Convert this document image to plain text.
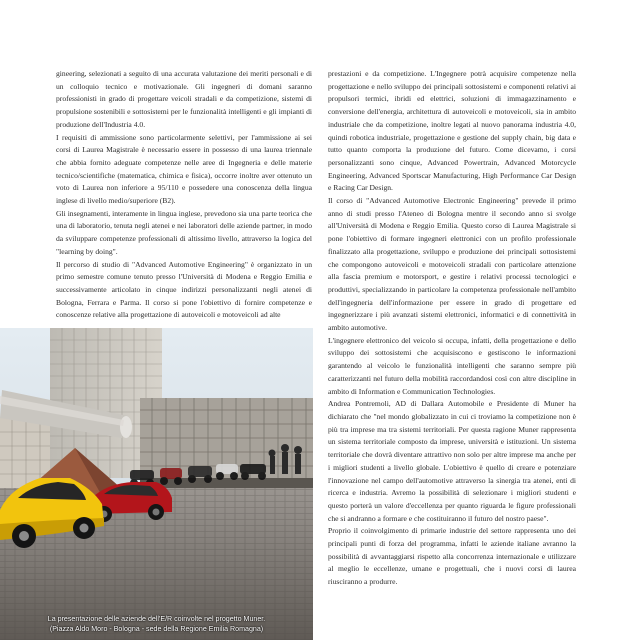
gineering, selezionati a seguito di una accurata valutazione dei meriti personali e di un colloquio tecnico e motivazionale. Gli ingegneri di domani saranno professionisti in grado di progettare veicoli stradali e da competizione, sistemi di propulsione sostenibili e sottosistemi per le funzionalità intelligenti e gli impianti di produzione dell'Industria 4.0.

I requisiti di ammissione sono particolarmente selettivi, per l'ammissione ai sei corsi di Laurea Magistrale è necessario essere in possesso di una laurea triennale che abbia fornito adeguate competenze nelle aree di Ingegneria e delle materie tecnico/scientifiche (matematica, chimica e fisica), occorre inoltre aver ottenuto un voto di Laurea non inferiore a 95/110 e possedere una conoscenza della lingua inglese di livello medio/superiore (B2).

Gli insegnamenti, interamente in lingua inglese, prevedono sia una parte teorica che una di laboratorio, tenuta negli atenei e nei laboratori delle aziende partner, in modo da sviluppare competenze professionali di altissimo livello, attraverso la logica del "learning by doing".

Il percorso di studio di "Advanced Automotive Engineering" è organizzato in un primo semestre comune tenuto presso l'Università di Modena e Reggio Emilia e successivamente articolato in cinque indirizzi personalizzanti negli atenei di Bologna, Ferrara e Parma. Il corso si pone l'obiettivo di fornire competenze e conoscenze relative alla progettazione di autoveicoli e motoveicoli ad alte

prestazioni e da competizione. L'Ingegnere potrà acquisire competenze nella progettazione e nello sviluppo dei principali sottosistemi e componenti relativi ai propulsori termici, ibridi ed elettrici, soluzioni di immagazzinamento e conversione dell'energia, architettura di autoveicoli e motoveicoli, sia in ambito industriale che da competizione, inoltre legati al nuovo panorama industria 4.0, quindi robotica industriale, progettazione e gestione del supply chain, big data e tutto quanto comporta la produzione del futuro. Come dicevamo, i corsi personalizzanti sono cinque, Advanced Powertrain, Advanced Motorcycle Engineering, Advanced Sportscar Manufacturing, High Performance Car Design e Racing Car Design.

Il corso di "Advanced Automotive Electronic Engineering" prevede il primo anno di studi presso l'Ateneo di Bologna mentre il secondo anno si svolge all'Università di Modena e Reggio Emilia. Questo corso di Laurea Magistrale si pone l'obiettivo di formare ingegneri elettronici con un profilo professionale finalizzato alla progettazione, sviluppo e produzione dei principali sottosistemi che compongono autoveicoli e motoveicoli stradali con particolare attenzione alla fascia premium e motorsport, e gestire i relativi processi tecnologici e produttivi, specializzando in particolare la competenza professionale nell'ambito dell'ingegneria dell'informazione per essere in grado di progettare ed ingegnerizzare i più avanzati sistemi elettronici, informatici e di connettività in ambito automotive.

L'ingegnere elettronico del veicolo si occupa, infatti, della progettazione e dello sviluppo dei sottosistemi che acquisiscono e gestiscono le informazioni garantendo al veicolo le funzionalità intelligenti che saranno sempre più caratterizzanti nel futuro della mobilità raccordandosi così con altre discipline in ambito di Information e Communication Technologies.

Andrea Pontremoli, AD di Dallara Automobile e Presidente di Muner ha dichiarato che "nel mondo globalizzato in cui ci troviamo la competizione non è più tra imprese ma tra sistemi territoriali. Per questa ragione Muner rappresenta un sistema territoriale composto da imprese, università e istituzioni. Un sistema territoriale che dovrà diventare attrattivo non solo per altre imprese ma anche per i migliori studenti a livello globale. L'obiettivo è quello di creare e potenziare l'innovazione nel campo dell'automotive attraverso la sinergia tra atenei, enti di ricerca e industria. Avremo la possibilità di selezionare i migliori studenti e questo porterà un valore d'eccellenza per quanto riguarda le figure professionali che si andranno a formare e che costituiranno il futuro del nostro paese".

Proprio il coinvolgimento di primarie industrie del settore rappresenta uno dei principali punti di forza del programma, infatti le aziende italiane avranno la possibilità di avvantaggiarsi rispetto alla concorrenza internazionale e utilizzare al meglio le eccellenze, umane e progettuali, che i nuovi corsi di laurea riusciranno a produrre.

La presentazione delle aziende dell'E/R coinvolte nel progetto Muner.
(Piazza Aldo Moro - Bologna - sede della Regione Emilia Romagna)
